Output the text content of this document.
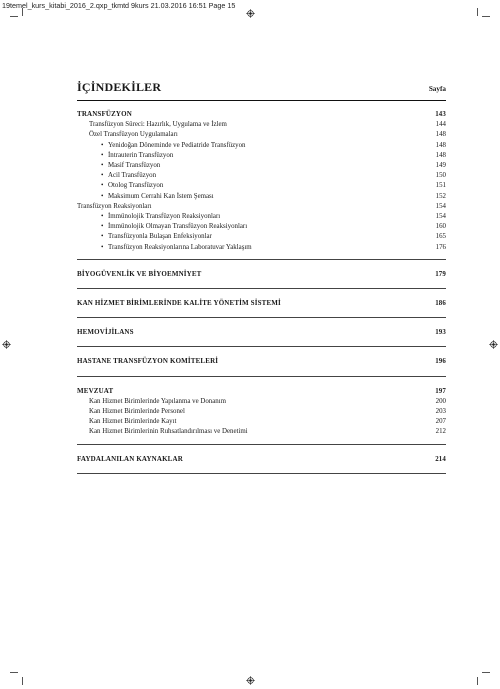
19temel_kurs_kitabi_2016_2.qxp_tkmtd 9kurs 21.03.2016 16:51 Page 15
İÇİNDEKİLER	Sayfa
TRANSFÜZYON	143
Transfüzyon Süreci: Hazırlık, Uygulama ve İzlem	144
Özel Transfüzyon Uygulamaları	148
• Yenidoğan Döneminde ve Pediatride Transfüzyon	148
• İntrauterin Transfüzyon	148
• Masif Transfüzyon	149
• Acil Transfüzyon	150
• Otolog Transfüzyon	151
• Maksimum Cerrahi Kan İstem Şeması	152
Transfüzyon Reaksiyonları	154
• İmmünolojik Transfüzyon Reaksiyonları	154
• İmmünolojik Olmayan Transfüzyon Reaksiyonları	160
• Transfüzyonla Bulaşan Enfeksiyonlar	165
• Transfüzyon Reaksiyonlarına Laboratuvar Yaklaşım	176
BİYOGÜVENLİK VE BİYOEMNİYET	179
KAN HİZMET BİRİMLERİNDE KALİTE YÖNETİM SİSTEMİ	186
HEMOVİJİLANS	193
HASTANE TRANSFÜZYON KOMİTELERİ	196
MEVZUAT	197
Kan Hizmet Birimlerinde Yapılanma ve Donanım	200
Kan Hizmet Birimlerinde Personel	203
Kan Hizmet Birimlerinde Kayıt	207
Kan Hizmet Birimlerinin Ruhsatlandırılması ve Denetimi	212
FAYDALANILAN KAYNAKLAR	214
